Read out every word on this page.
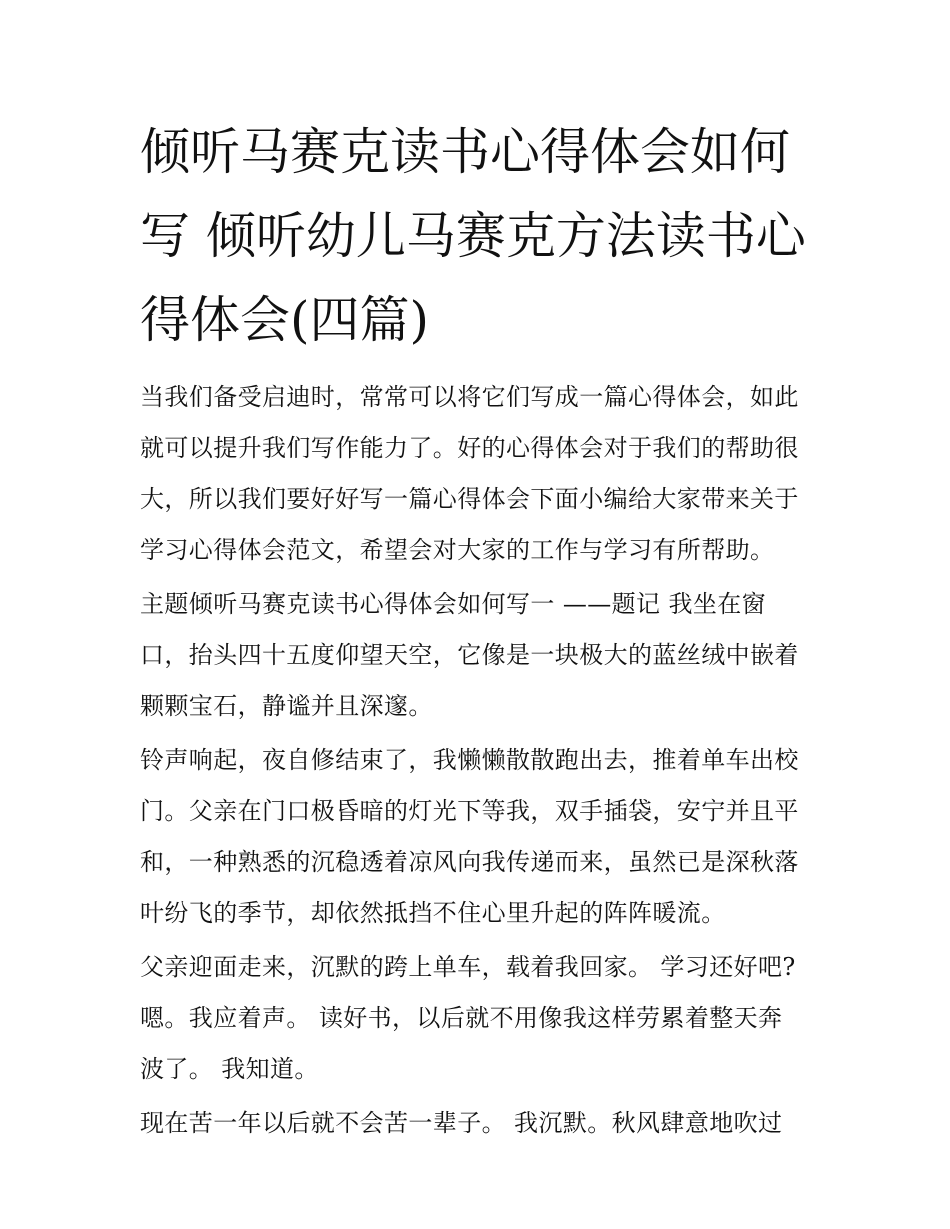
倾听马赛克读书心得体会如何
写 倾听幼儿马赛克方法读书心
得体会(四篇)

当我们备受启迪时，常常可以将它们写成一篇心得体会，如此
就可以提升我们写作能力了。好的心得体会对于我们的帮助很
大，所以我们要好好写一篇心得体会下面小编给大家带来关于
学习心得体会范文，希望会对大家的工作与学习有所帮助。

主题倾听马赛克读书心得体会如何写一 ——题记 我坐在窗
口，抬头四十五度仰望天空，它像是一块极大的蓝丝绒中嵌着
颗颗宝石，静谧并且深邃。

铃声响起，夜自修结束了，我懒懒散散跑出去，推着单车出校
门。父亲在门口极昏暗的灯光下等我，双手插袋，安宁并且平
和，一种熟悉的沉稳透着凉风向我传递而来，虽然已是深秋落
叶纷飞的季节，却依然抵挡不住心里升起的阵阵暖流。

父亲迎面走来，沉默的跨上单车，载着我回家。 学习还好吧?
嗯。我应着声。 读好书，以后就不用像我这样劳累着整天奔
波了。 我知道。

现在苦一年以后就不会苦一辈子。 我沉默。秋风肆意地吹过
